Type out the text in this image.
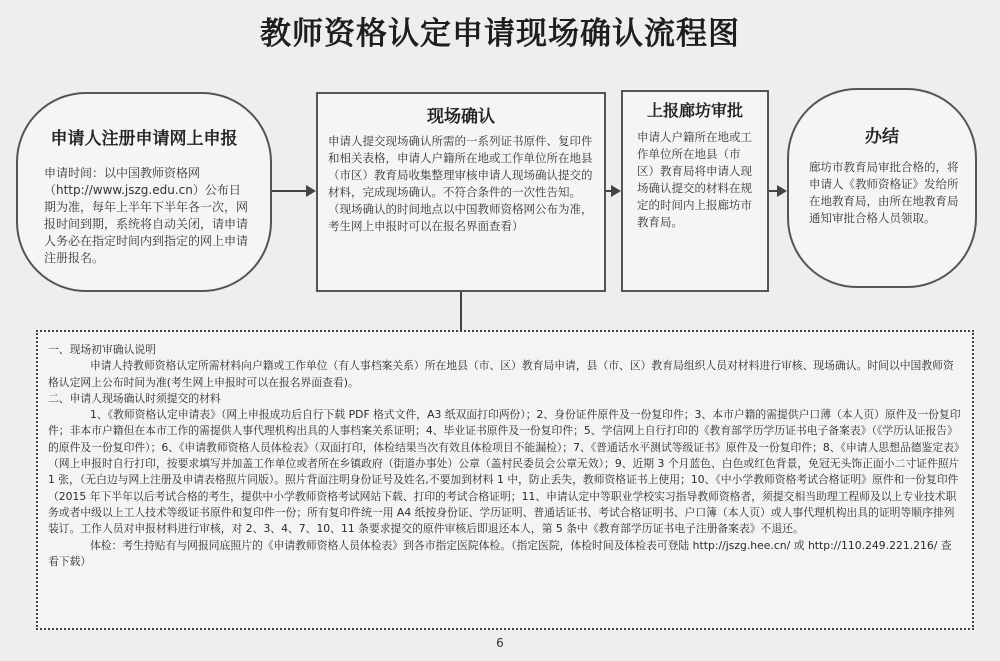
教师资格认定申请现场确认流程图
申请人注册申请网上申报
申请时间：以中国教师资格网（http://www.jszg.edu.cn）公布日期为准，每年上半年下半年各一次，网报时间到期，系统将自动关闭，请申请人务必在指定时间内到指定的网上申请注册报名。
现场确认
申请人提交现场确认所需的一系列证书原件、复印件和相关表格，申请人户籍所在地或工作单位所在地县（市区）教育局收集整理审核申请人现场确认提交的材料，完成现场确认。不符合条件的一次性告知。（现场确认的时间地点以中国教师资格网公布为准，考生网上申报时可以在报名界面查看）
上报廊坊审批
申请人户籍所在地或工作单位所在地县（市区）教育局将申请人现场确认提交的材料在规定的时间内上报廊坊市教育局。
办结
廊坊市教育局审批合格的，将申请人《教师资格证》发给所在地教育局，由所在地教育局通知审批合格人员领取。

一、现场初审确认说明

申请人持教师资格认定所需材料向户籍或工作单位（有人事档案关系）所在地县（市、区）教育局申请，县（市、区）教育局组织人员对材料进行审核、现场确认。时间以中国教师资格认定网上公布时间为准(考生网上申报时可以在报名界面查看)。

二、申请人现场确认时须提交的材料

1、《教师资格认定申请表》（网上申报成功后自行下载 PDF 格式文件，A3 纸双面打印两份）；2、身份证件原件及一份复印件；3、本市户籍的需提供户口薄（本人页）原件及一份复印件；非本市户籍但在本市工作的需提供人事代理机构出具的人事档案关系证明；4、毕业证书原件及一份复印件；5、学信网上自行打印的《教育部学历学历证书电子备案表》（《学历认证报告》的原件及一份复印件）；6、《申请教师资格人员体检表》（双面打印，体检结果当次有效且体检项目不能漏检）；7、《普通话水平测试等级证书》原件及一份复印件；8、《申请人思想品德鉴定表》（网上申报时自行打印，按要求填写并加盖工作单位或者所在乡镇政府（街道办事处）公章（盖村民委员会公章无效）；9、近期 3 个月蓝色、白色或红色背景，免冠无头饰正面小二寸证件照片 1 张，（无白边与网上注册及申请表格照片同版）。照片背面注明身份证号及姓名,不要加到材料 1 中，防止丢失，教师资格证书上使用；10、《中小学教师资格考试合格证明》原件和一份复印件（2015 年下半年以后考试合格的考生，提供中小学教师资格考试网站下载、打印的考试合格证明；11、申请认定中等职业学校实习指导教师资格者，须提交相当助理工程师及以上专业技术职务或者中级以上工人技术等级证书原件和复印件一份；所有复印件统一用 A4 纸按身份证、学历证明、普通话证书、考试合格证明书、户口簿（本人页）或人事代理机构出具的证明等顺序排列装订。工作人员对申报材料进行审核，对 2、3、4、7、10、11 条要求提交的原件审核后即退还本人，第 5 条中《教育部学历证书电子注册备案表》不退还。

体检：考生持贴有与网报同底照片的《申请教师资格人员体检表》到各市指定医院体检。（指定医院，体检时间及体检表可登陆 http://jszg.hee.cn/ 或 http://110.249.221.216/ 查看下载）

6
